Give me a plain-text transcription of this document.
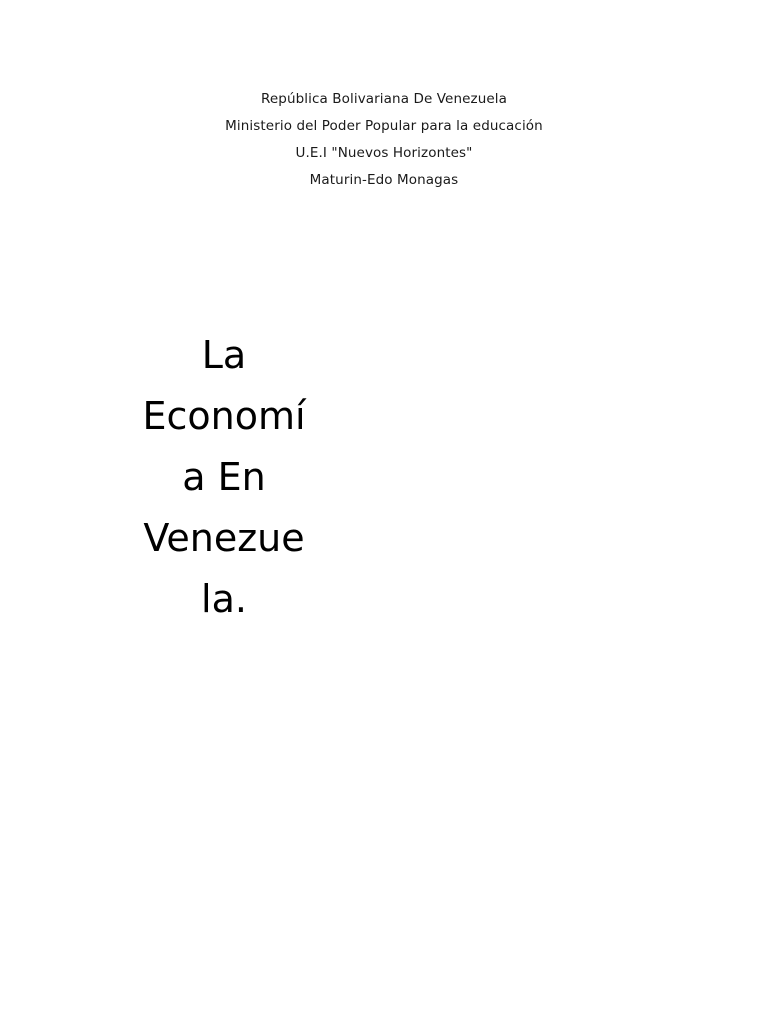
República Bolivariana De Venezuela
Ministerio del Poder Popular para la educación
U.E.I "Nuevos Horizontes"
Maturin-Edo Monagas
La
Economí
a En
Venezue
la.
